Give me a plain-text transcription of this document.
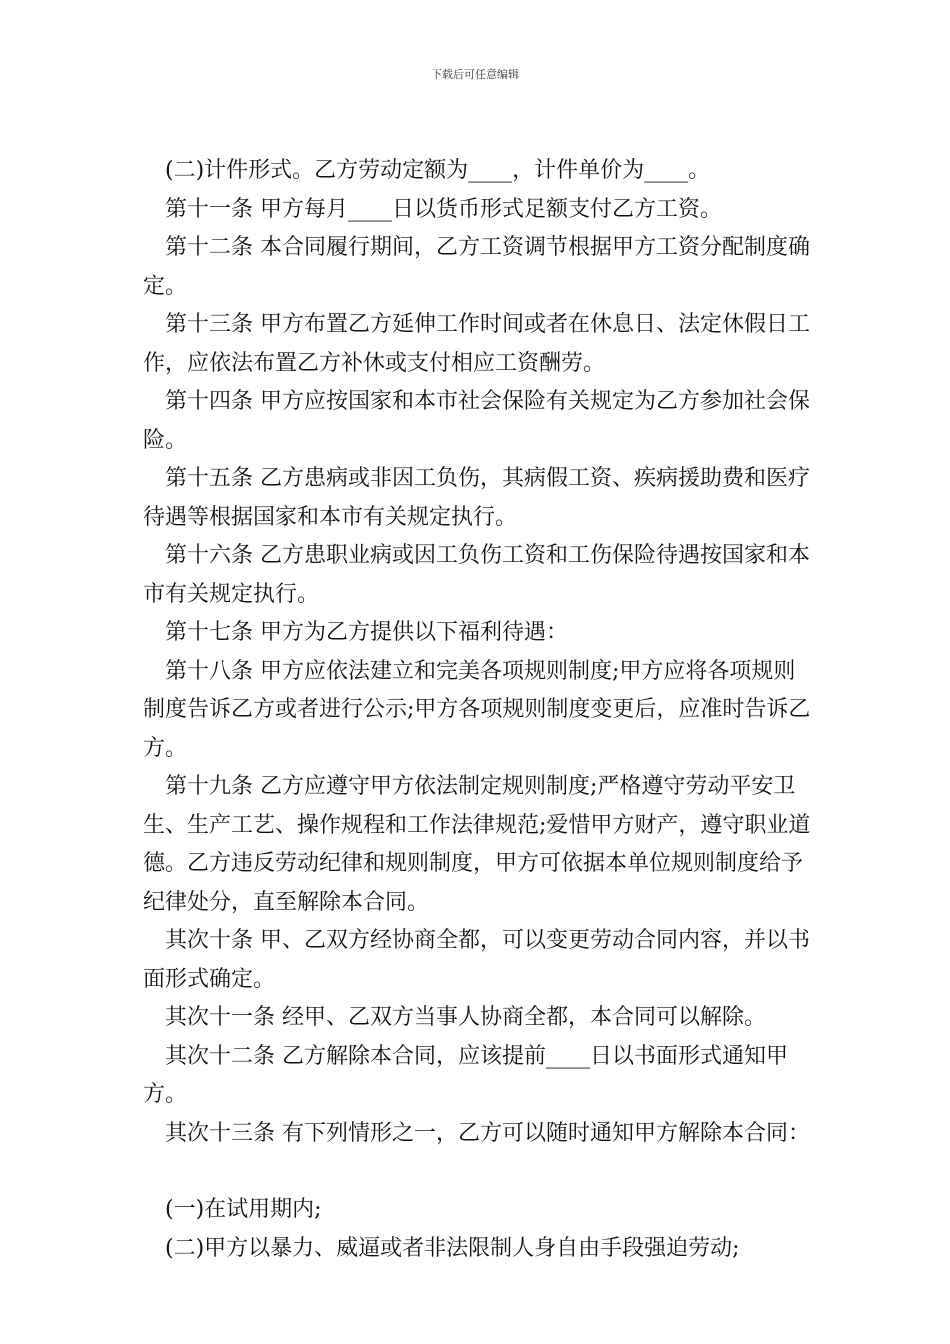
下载后可任意编辑

(二)计件形式。乙方劳动定额为____，计件单价为____。

第十一条 甲方每月____日以货币形式足额支付乙方工资。

第十二条 本合同履行期间，乙方工资调节根据甲方工资分配制度确定。

第十三条 甲方布置乙方延伸工作时间或者在休息日、法定休假日工作，应依法布置乙方补休或支付相应工资酬劳。

第十四条 甲方应按国家和本市社会保险有关规定为乙方参加社会保险。

第十五条 乙方患病或非因工负伤，其病假工资、疾病援助费和医疗待遇等根据国家和本市有关规定执行。

第十六条 乙方患职业病或因工负伤工资和工伤保险待遇按国家和本市有关规定执行。

第十七条 甲方为乙方提供以下福利待遇：

第十八条 甲方应依法建立和完美各项规则制度;甲方应将各项规则制度告诉乙方或者进行公示;甲方各项规则制度变更后，应准时告诉乙方。

第十九条 乙方应遵守甲方依法制定规则制度;严格遵守劳动平安卫生、生产工艺、操作规程和工作法律规范;爱惜甲方财产，遵守职业道德。乙方违反劳动纪律和规则制度，甲方可依据本单位规则制度给予纪律处分，直至解除本合同。

其次十条 甲、乙双方经协商全都，可以变更劳动合同内容，并以书面形式确定。

其次十一条 经甲、乙双方当事人协商全都，本合同可以解除。

其次十二条 乙方解除本合同，应该提前____日以书面形式通知甲方。

其次十三条 有下列情形之一，乙方可以随时通知甲方解除本合同：

(一)在试用期内;

(二)甲方以暴力、威逼或者非法限制人身自由手段强迫劳动;
